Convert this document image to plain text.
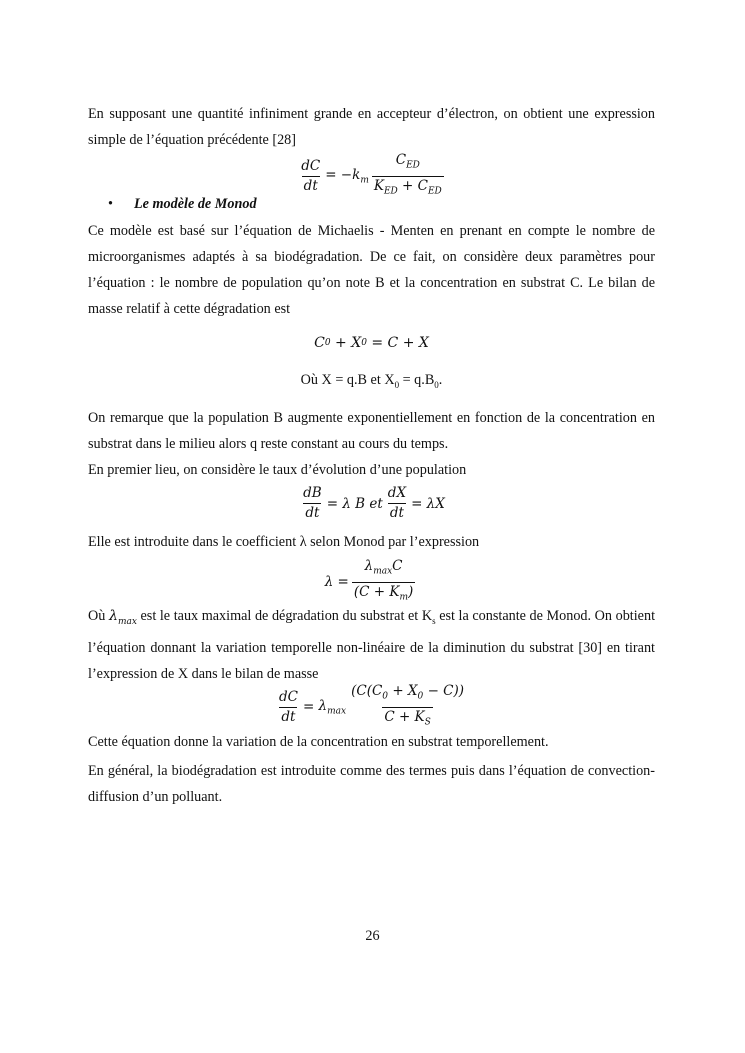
En supposant une quantité infiniment grande en accepteur d’électron, on obtient une expression simple de l’équation précédente [28]

$\frac{dC}{dt} = -k_m \frac{C_{ED}}{K_{ED} + C_{ED}}$
• Le modèle de Monod

Ce modèle est basé sur l’équation de Michaelis - Menten en prenant en compte le nombre de microorganismes adaptés à sa biodégradation. De ce fait, on considère deux paramètres pour l’équation : le nombre de population qu’on note B et la concentration en substrat C. Le bilan de masse relatif à cette dégradation est

C 0
+ X 0
= C + X
Où X = q.B et $X_0 = q.B_0$.

On remarque que la population B augmente exponentiellement en fonction de la concentration en substrat dans le milieu alors q reste constant au cours du temps.

En premier lieu, on considère le taux d’évolution d’une population

$\frac{dB}{dt} = \lambda$ B et $\frac{dX}{dt} = \lambda X$

Elle est introduite dans le coefficient λ selon Monod par l’expression

$\lambda = \frac{\lambda_{max}C}{(C + K_m)}$

Où $\lambda_{max}$ est le taux maximal de dégradation du substrat et $K_s$ est la constante de Monod. On obtient l’équation donnant la variation temporelle non-linéaire de la diminution du substrat [30] en tirant l’expression de X dans le bilan de masse

$\frac{dC}{dt}$ =
$\lambda_{max} \frac{(C(C_0 + X_0 - C))}{C + K_S}$

Cette équation donne la variation de la concentration en substrat temporellement.

En général, la biodégradation est introduite comme des termes puis dans l’équation de convection-diffusion d’un polluant.

26
